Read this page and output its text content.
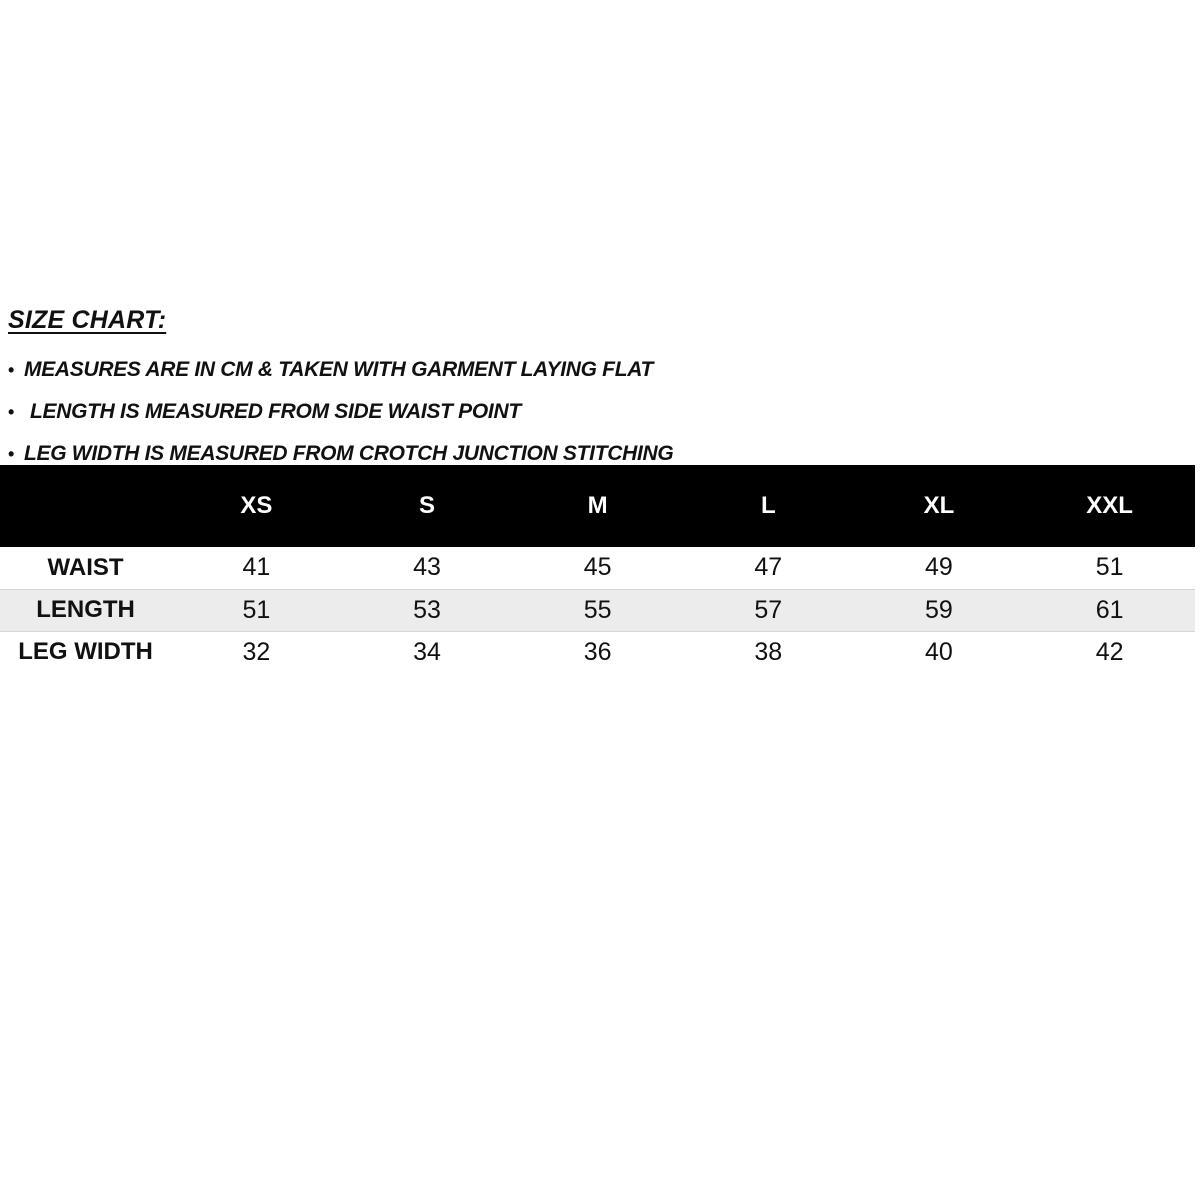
SIZE CHART:
• MEASURES ARE IN CM & TAKEN WITH GARMENT LAYING FLAT
• LENGTH IS MEASURED FROM SIDE WAIST POINT
• LEG WIDTH IS MEASURED FROM CROTCH JUNCTION STITCHING
	XS	S	M	L	XL	XXL
WAIST	41	43	45	47	49	51
LENGTH	51	53	55	57	59	61
LEG WIDTH	32	34	36	38	40	42
